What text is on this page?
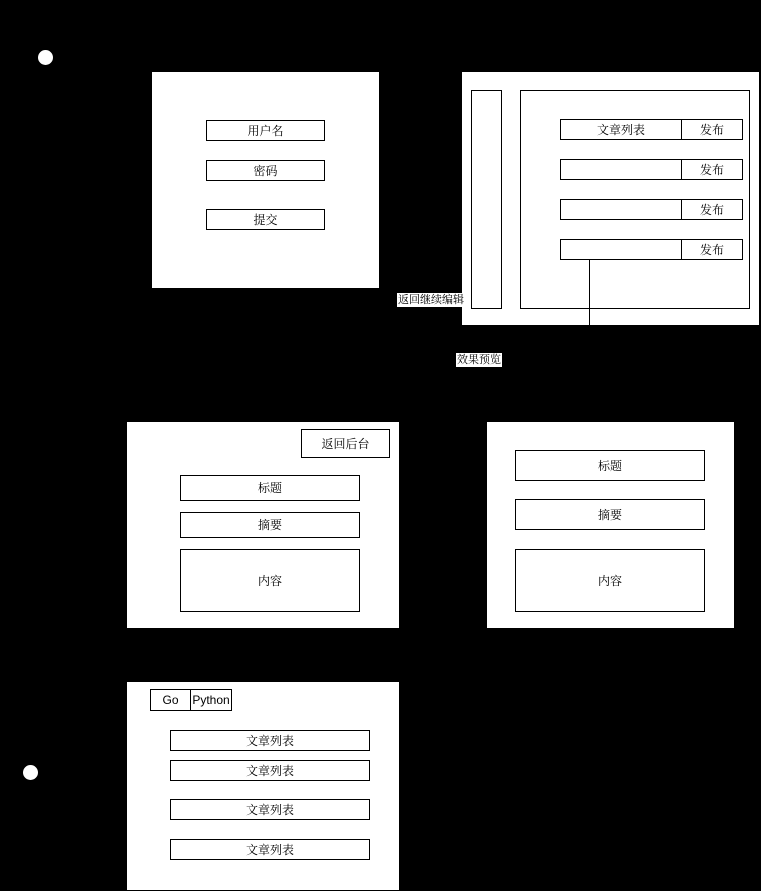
用户名
密码
提交
文章列表	发布
发布
发布
发布
返回继续编辑
效果预览
返回后台
标题
摘要
内容
标题
摘要
内容
Go	Python
文章列表
文章列表
文章列表
文章列表
